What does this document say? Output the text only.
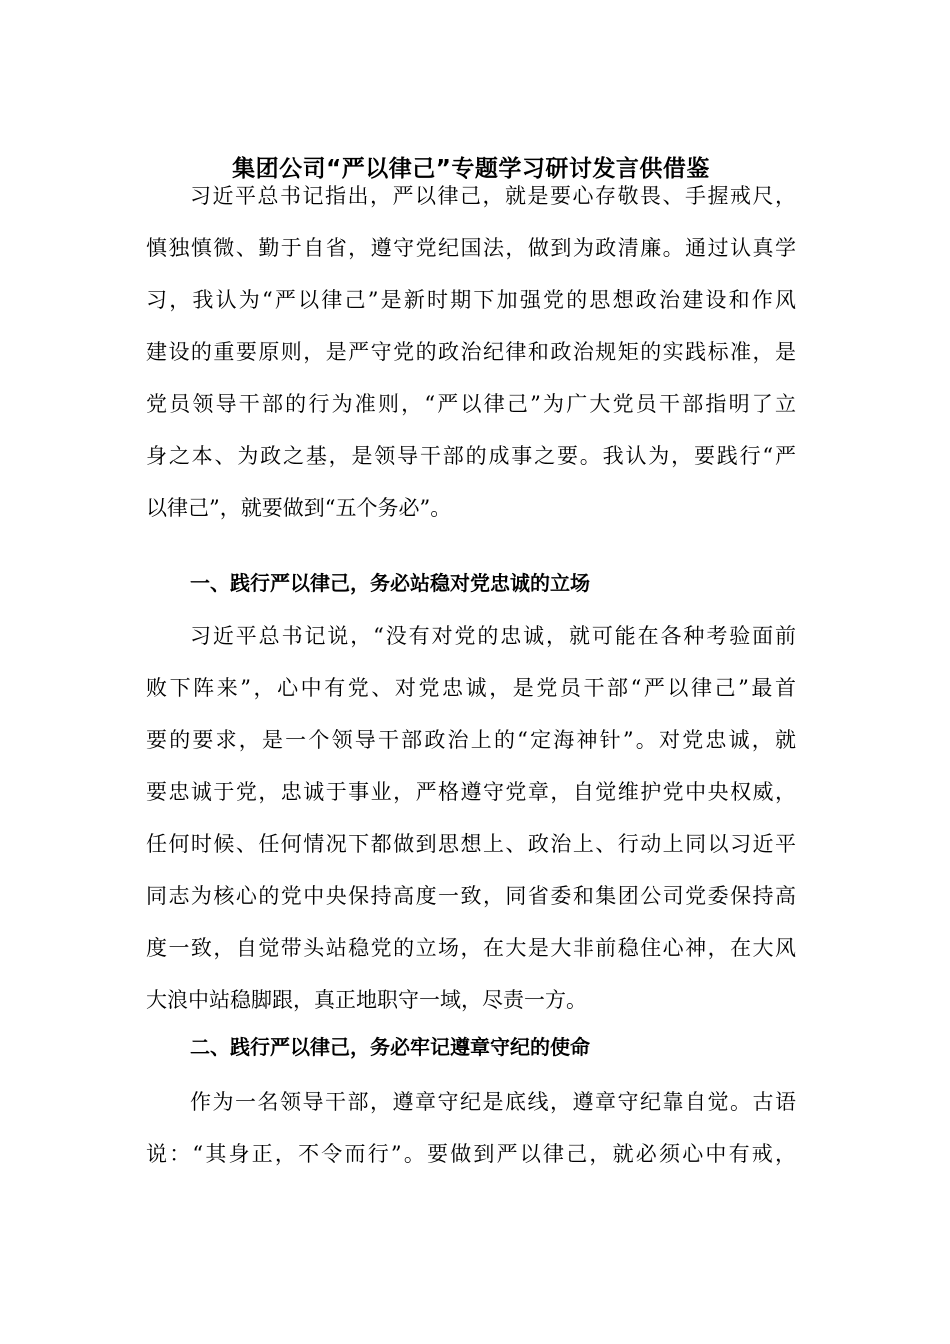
集团公司“严以律己”专题学习研讨发言供借鉴
习近平总书记指出，严以律己，就是要心存敬畏、手握戒尺，
慎独慎微、勤于自省，遵守党纪国法，做到为政清廉。通过认真学
习，我认为“严以律己”是新时期下加强党的思想政治建设和作风
建设的重要原则，是严守党的政治纪律和政治规矩的实践标准，是
党员领导干部的行为准则，“严以律己”为广大党员干部指明了立
身之本、为政之基，是领导干部的成事之要。我认为，要践行“严
以律己”，就要做到“五个务必”。
一、践行严以律己，务必站稳对党忠诚的立场
习近平总书记说，“没有对党的忠诚，就可能在各种考验面前
败下阵来”，心中有党、对党忠诚，是党员干部“严以律己”最首
要的要求，是一个领导干部政治上的“定海神针”。对党忠诚，就
要忠诚于党，忠诚于事业，严格遵守党章，自觉维护党中央权威，
任何时候、任何情况下都做到思想上、政治上、行动上同以习近平
同志为核心的党中央保持高度一致，同省委和集团公司党委保持高
度一致，自觉带头站稳党的立场，在大是大非前稳住心神，在大风
大浪中站稳脚跟，真正地职守一域，尽责一方。
二、践行严以律己，务必牢记遵章守纪的使命
作为一名领导干部，遵章守纪是底线，遵章守纪靠自觉。古语
说：“其身正，不令而行”。要做到严以律己，就必须心中有戒，
